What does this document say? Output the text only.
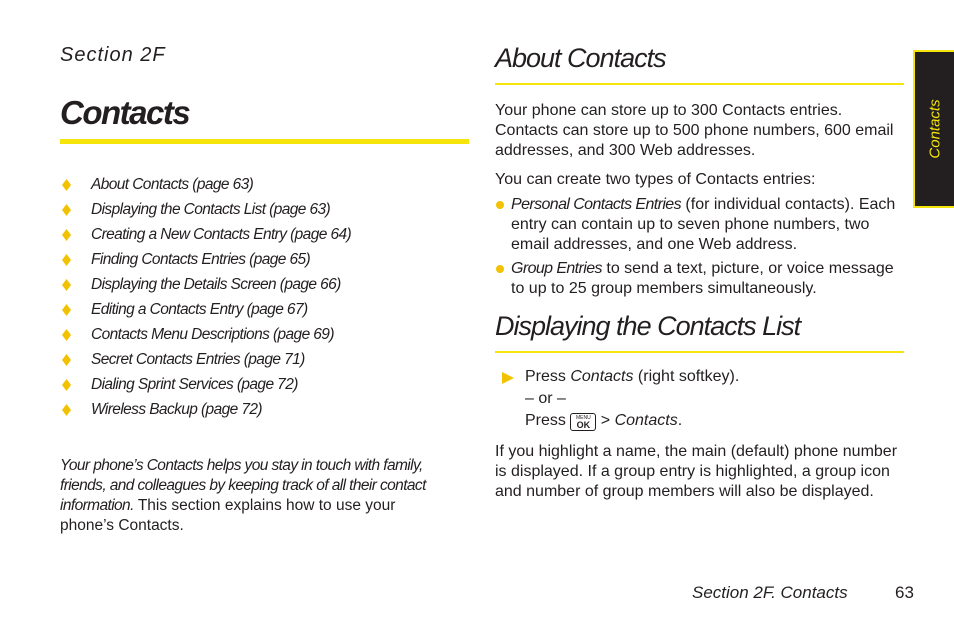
Section 2F
Contacts
About Contacts (page 63)
Displaying the Contacts List (page 63)
Creating a New Contacts Entry (page 64)
Finding Contacts Entries (page 65)
Displaying the Details Screen (page 66)
Editing a Contacts Entry (page 67)
Contacts Menu Descriptions (page 69)
Secret Contacts Entries (page 71)
Dialing Sprint Services (page 72)
Wireless Backup (page 72)
Your phone’s Contacts helps you stay in touch with family, friends, and colleagues by keeping track of all their contact information. This section explains how to use your phone’s Contacts.
About Contacts
Your phone can store up to 300 Contacts entries. Contacts can store up to 500 phone numbers, 600 email addresses, and 300 Web addresses.
You can create two types of Contacts entries:
Personal Contacts Entries (for individual contacts). Each entry can contain up to seven phone numbers, two email addresses, and one Web address.
Group Entries to send a text, picture, or voice message to up to 25 group members simultaneously.
Displaying the Contacts List
Press Contacts (right softkey).
– or –
Press	MENU
OK > Contacts.
If you highlight a name, the main (default) phone number is displayed. If a group entry is highlighted, a group icon and number of group members will also be displayed.
Contacts
Section 2F. Contacts	63
